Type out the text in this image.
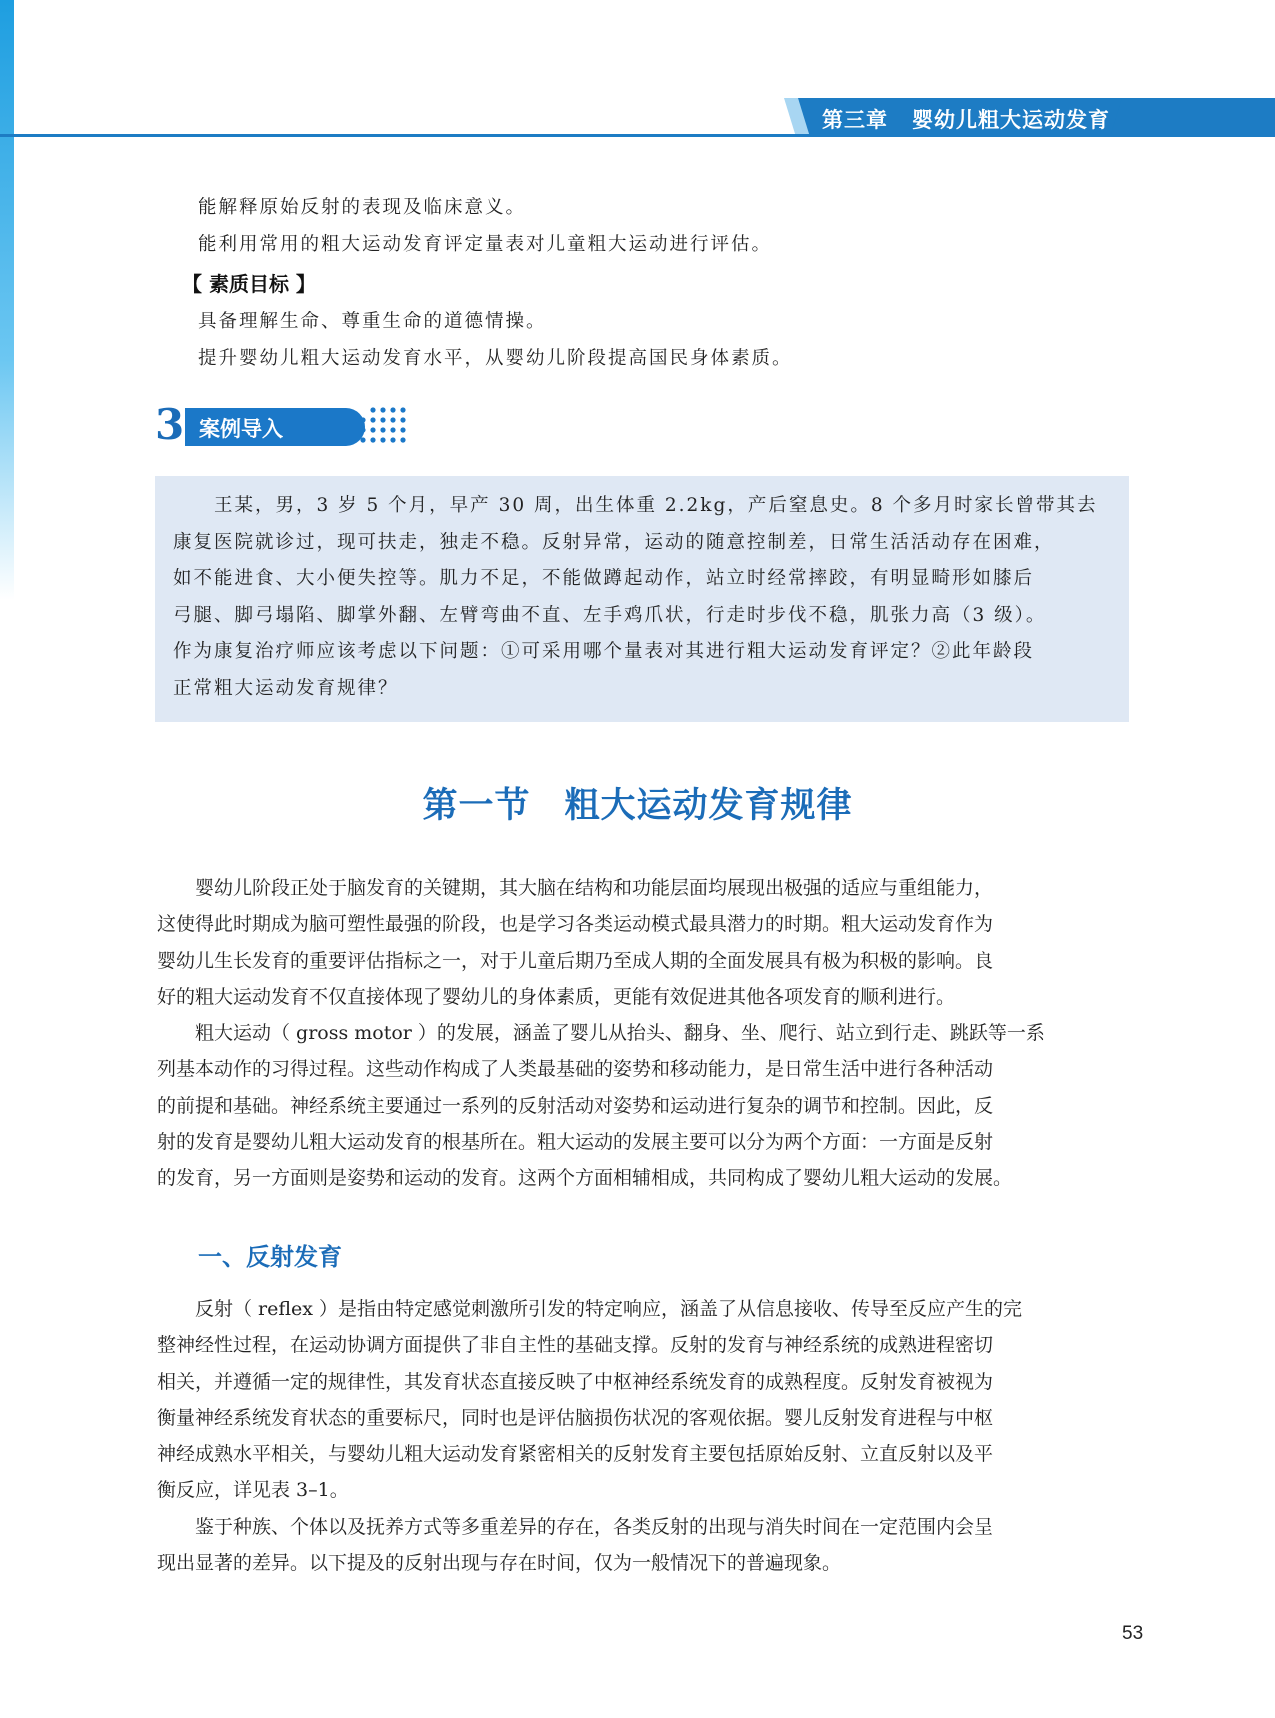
第三章 婴幼儿粗大运动发育
能解释原始反射的表现及临床意义。
能利用常用的粗大运动发育评定量表对儿童粗大运动进行评估。
【 素质目标 】
具备理解生命、尊重生命的道德情操。
提升婴幼儿粗大运动发育水平，从婴幼儿阶段提高国民身体素质。
3 案例导入
　　王某，男，3 岁 5 个月，早产 30 周，出生体重 2.2kg，产后窒息史。8 个多月时家长曾带其去
康复医院就诊过，现可扶走，独走不稳。反射异常，运动的随意控制差，日常生活活动存在困难，
如不能进食、大小便失控等。肌力不足，不能做蹲起动作，站立时经常摔跤，有明显畸形如膝后
弓腿、脚弓塌陷、脚掌外翻、左臂弯曲不直、左手鸡爪状，行走时步伐不稳，肌张力高（3 级）。
作为康复治疗师应该考虑以下问题：①可采用哪个量表对其进行粗大运动发育评定？②此年龄段
正常粗大运动发育规律？
第一节 粗大运动发育规律
　　婴幼儿阶段正处于脑发育的关键期，其大脑在结构和功能层面均展现出极强的适应与重组能力，
这使得此时期成为脑可塑性最强的阶段，也是学习各类运动模式最具潜力的时期。粗大运动发育作为
婴幼儿生长发育的重要评估指标之一，对于儿童后期乃至成人期的全面发展具有极为积极的影响。良
好的粗大运动发育不仅直接体现了婴幼儿的身体素质，更能有效促进其他各项发育的顺利进行。
　　粗大运动（ gross motor ）的发展，涵盖了婴儿从抬头、翻身、坐、爬行、站立到行走、跳跃等一系
列基本动作的习得过程。这些动作构成了人类最基础的姿势和移动能力，是日常生活中进行各种活动
的前提和基础。神经系统主要通过一系列的反射活动对姿势和运动进行复杂的调节和控制。因此，反
射的发育是婴幼儿粗大运动发育的根基所在。粗大运动的发展主要可以分为两个方面：一方面是反射
的发育，另一方面则是姿势和运动的发育。这两个方面相辅相成，共同构成了婴幼儿粗大运动的发展。
一、反射发育
　　反射（ reflex ）是指由特定感觉刺激所引发的特定响应，涵盖了从信息接收、传导至反应产生的完
整神经性过程，在运动协调方面提供了非自主性的基础支撑。反射的发育与神经系统的成熟进程密切
相关，并遵循一定的规律性，其发育状态直接反映了中枢神经系统发育的成熟程度。反射发育被视为
衡量神经系统发育状态的重要标尺，同时也是评估脑损伤状况的客观依据。婴儿反射发育进程与中枢
神经成熟水平相关，与婴幼儿粗大运动发育紧密相关的反射发育主要包括原始反射、立直反射以及平
衡反应，详见表 3–1。
　　鉴于种族、个体以及抚养方式等多重差异的存在，各类反射的出现与消失时间在一定范围内会呈
现出显著的差异。以下提及的反射出现与存在时间，仅为一般情况下的普遍现象。
53
